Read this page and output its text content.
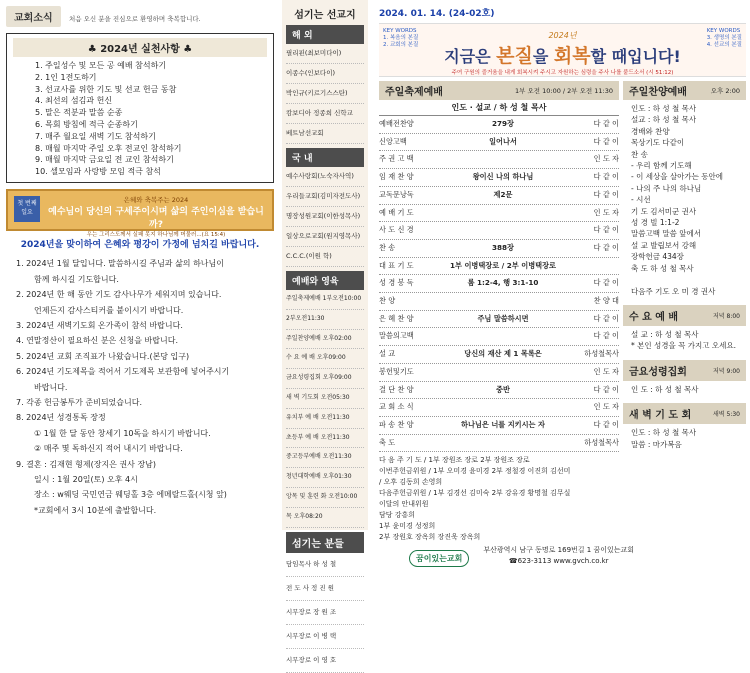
교회소식	처음 오신 분을 진심으로 환영하며 축복합니다.
♣ 2024년 실천사항 ♣
1. 주일성수 및 모든 공 예배 참석하기
2. 1인 1전도하기
3. 선교사를 위한 기도 및 선교 헌금 동참
4. 최선의 섬김과 헌신
5. 말은 적분과 말씀 순종
6. 목회 방침에 적극 순종하기
7. 매주 월요일 새벽 기도 참석하기
8. 매월 마지막 주일 오후 전교인 참석하기
9. 매월 마지막 금요일 전 교인 참석하기
10. 셀모임과 사랑방 모임 적극 참석
첫 번째 일요
은혜와 축복주는 2024
예수님이 당신의 구세주이시며 삶의 주인이심을 받습니까?
우는 그리스도께서 실패 못지 하나님께 머물러...(요 15:4)
2024년을 맞이하여 은혜와 평강이 가정에 넘치길 바랍니다.
1. 2024년 1월 달입니다. 말씀하시길 주님과 삶의 하나님이
함께 하시길 기도합니다.
2. 2024년 한 해 동안 기도 감사나무가 세워지며 있습니다.
언제든지 감사스티커를 붙이시기 바랍니다.
3. 2024년 새벽기도회 온가족이 참석 바랍니다.
4. 연말정산이 필요하신 분은 신청을 바랍니다.
5. 2024년 교회 조직표가 나왔습니다.(본당 입구)
6. 2024년 기도제목을 적어서 기도제목 보관함에 넣어주시기
바랍니다.
7. 각종 헌금봉투가 준비되었습니다.
8. 2024년 성경통독 장정
① 1월 한 달 동안 창세기 10독을 하시기 바랍니다.
② 매주 몇 독하신지 적어 내시기 바랍니다.
9. 결혼 : 김재현 형제(장지은 권사 장남)
일시 : 1월 20일(토) 오후 4시
장소 : w웨딩 국민연금 웨딩홀 3층 에메랄드홀(시청 앞)
*교회에서 3시 10분에 출발합니다.
섬기는 선교지
해 외
필리핀(최보미다이)
이종수(인보다이)
박인규(키르기스스탄)
캄보디아 정종희 신학교
베트남선교회
국 내
예수사랑회(노숙자사역)
우리들교회(김미자전도사)
명장성원교회(이한성목사)
일상으로교회(원지영목사)
C.C.C.(이원 학)
예배와 영육
주일축제예배 1부오전10:00
2부오전11:30
주일찬양예배 오후02:00
수 요 예 배 오후09:00
금요성령집회 오후09:00
새 벽 기도회 오전05:30
유치부 예 배 오전11:30
초등부 예 배 오전11:30
중고등부예배 오전11:30
청년대학예배 오후01:30
앙목 및 훈련 화 오전10:00
목 오후08:20
섬기는 분들
담임목사 하 성 철
전 도 사 정 진 원
시무장로 장 원 조
시무장로 이 병 택
시무장로 이 영 호
2024. 01. 14. (24-02호)
KEY WORDS
1. 복음의 본질
2. 교회의 본질
KEY WORDS
3. 생명의 본질
4. 선교의 본질
2024년
지금은 본질을 회복할 때입니다!
주여 구원의 즐거움을 내게 회복시켜 주시고 자원하는 심령을 주사 나를 붙드소서 (시 51:12)
주일축제예배	1부 오전 10:00 / 2부 오전 11:30
인도 · 설교 / 하 성 철 목사
예배전찬양	279장	다 같 이
신앙고백	일어나서	다 같 이
주 권 고 백	인 도 자
임 재 찬 양	왕이신 나의 하나님	다 같 이
교독문낭독	제2문	다 같 이
예 배 기 도	인 도 자
사 도 신 경	다 같 이
찬 송	388장	다 같 이
대 표 기 도	1부 이병택장로 / 2부 이병택장로
성 경 봉 독	롬 1:2-4, 행 3:1-10	다 같 이
찬 양	찬 양 대
은 혜 찬 양	주님 말씀하시면	다 같 이
말씀의고백	다 같 이
설 교	당신의 재산 제 1 목록은	하성철목사
봉헌및기도	인 도 자
결 단 찬 양	중반	다 같 이
교 회 소 식	인 도 자
파 송 찬 양	하나님은 너를 지키시는 자	다 같 이
축 도	하성철목사
다 음 주 기 도 / 1부 장원조 장로 2부 장원조 장로
이번주헌금위원 / 1부 오미경 윤미경 2부 정철경 이진희 김선미
/ 오후 김동희 손영희
다음주헌금위원 / 1부 김경선 김미숙 2부 강유경 황명철 김무실
이달의 안내위원
담당 강흥희
1부 윤미경 성정희
2부 장원호 장옥희 장진욱 장옥희
주일찬양예배	오후 2:00
인도 : 하 성 철 목사
설교 : 하 성 철 목사
경배와 찬양
목상기도 다같이
찬 송
- 우리 함께 기도해
- 이 세상을 살아가는 동안에
- 나의 주 나의 하나님
- 시선
기 도 김서미군 권사
성 경 빌 1:1-2
말씀고백 말씀 앞에서
설 교 발립보서 강해
장학헌금 434장
축 도 하 성 철 목사

다음주 기도 오 미 경 권사
수 요 예 배	저녁 8:00
설 교 : 하 성 철 목사
* 본인 성경을 꼭 가지고 오세요.
금요성령집회	저녁 9:00
인 도 : 하 성 철 목사
새 벽 기 도 회	새벽 5:30
인도 : 하 성 철 목사
말씀 : 마가복음
꿈이있는교회
부산광역시 남구 동명로 169번길 1 꿈이있는교회
☎623-3113 www.gvch.co.kr
